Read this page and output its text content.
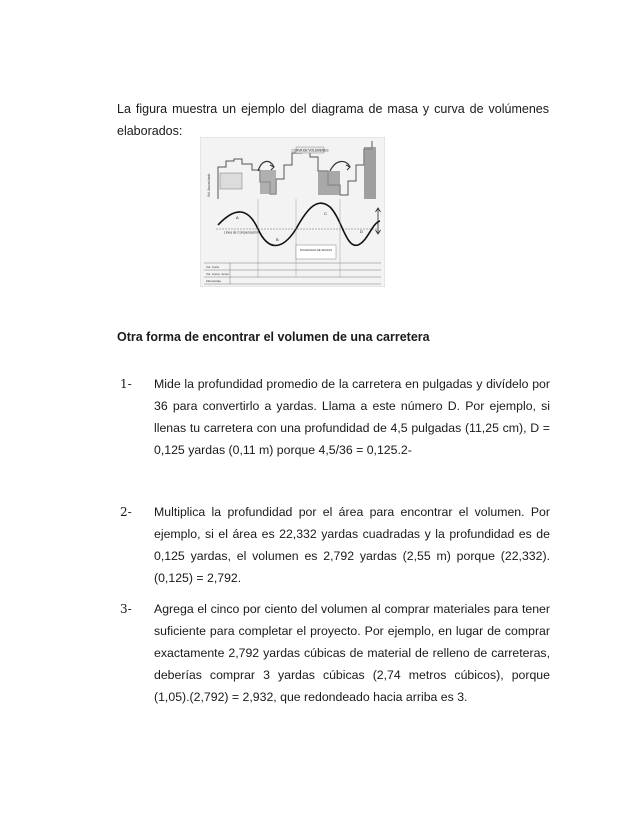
La figura muestra un ejemplo del diagrama de masa y curva de volúmenes elaborados:

CURVA DE VOLUMENES
Vol. Acumulado
Línea de Compensación
A
B
C
D
DIAGRAMA DE MASAS
Vol. Corte
Vol. Comp. Acum.
Kilometraje
Otra forma de encontrar el volumen de una carretera
1-	Mide la profundidad promedio de la carretera en pulgadas y divídelo por 36 para convertirlo a yardas. Llama a este número D. Por ejemplo, si llenas tu carretera con una profundidad de 4,5 pulgadas (11,25 cm), D = 0,125 yardas (0,11 m) porque 4,5/36 = 0,125.2-
2-	Multiplica la profundidad por el área para encontrar el volumen. Por ejemplo, si el área es 22,332 yardas cuadradas y la profundidad es de 0,125 yardas, el volumen es 2,792 yardas (2,55 m) porque (22,332).(0,125) = 2,792.
3-	Agrega el cinco por ciento del volumen al comprar materiales para tener suficiente para completar el proyecto. Por ejemplo, en lugar de comprar exactamente 2,792 yardas cúbicas de material de relleno de carreteras, deberías comprar 3 yardas cúbicas (2,74 metros cúbicos), porque (1,05).(2,792) = 2,932, que redondeado hacia arriba es 3.
